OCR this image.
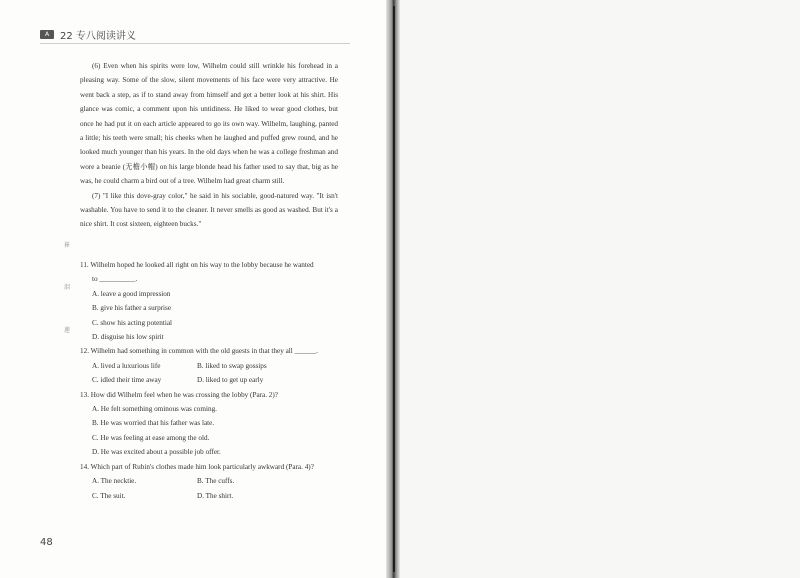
A	22 专八阅读讲义

(6) Even when his spirits were low, Wilhelm could still wrinkle his forehead in a pleasing way. Some of the slow, silent movements of his face were very attractive. He went back a step, as if to stand away from himself and get a better look at his shirt. His glance was comic, a comment upon his untidiness. He liked to wear good clothes, but once he had put it on each article appeared to go its own way. Wilhelm, laughing, panted a little; his teeth were small; his cheeks when he laughed and puffed grew round, and he looked much younger than his years. In the old days when he was a college freshman and wore a beanie (无檐小帽) on his large blonde head his father used to say that, big as he was, he could charm a bird out of a tree. Wilhelm had great charm still.

(7) "I like this dove-gray color," he said in his sociable, good-natured way. "It isn't washable. You have to send it to the cleaner. It never smells as good as washed. But it's a nice shirt. It cost sixteen, eighteen bucks."

崔
泪
莲
11. Wilhelm hoped he looked all right on his way to the lobby because he wanted
to __________.
A. leave a good impression
B. give his father a surprise
C. show his acting potential
D. disguise his low spirit
12. Wilhelm had something in common with the old guests in that they all ______.
A. lived a luxurious life	B. liked to swap gossips
C. idled their time away	D. liked to get up early
13. How did Wilhelm feel when he was crossing the lobby (Para. 2)?
A. He felt something ominous was coming.
B. He was worried that his father was late.
C. He was feeling at ease among the old.
D. He was excited about a possible job offer.
14. Which part of Rubin's clothes made him look particularly awkward (Para. 4)?
A. The necktie.	B. The cuffs.
C. The suit.	D. The shirt.
48
